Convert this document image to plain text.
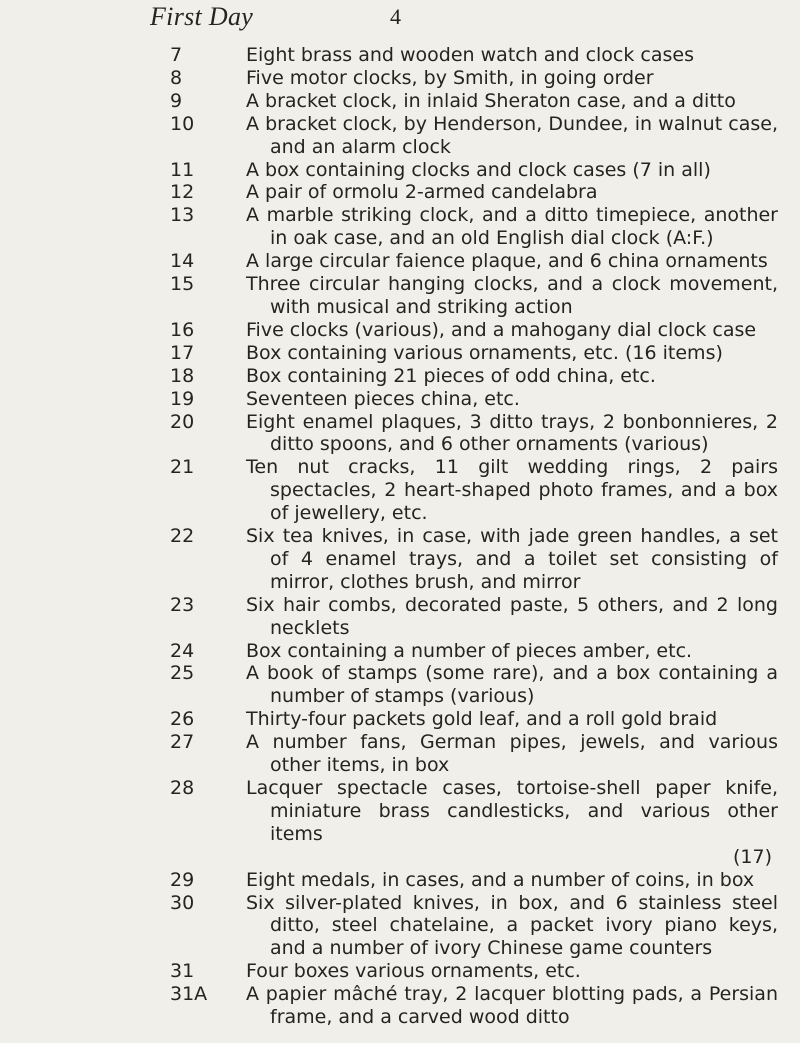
First Day	4
7	Eight brass and wooden watch and clock cases
8	Five motor clocks, by Smith, in going order
9	A bracket clock, in inlaid Sheraton case, and a ditto
10	A bracket clock, by Henderson, Dundee, in walnut case, and an alarm clock
11	A box containing clocks and clock cases (7 in all)
12	A pair of ormolu 2-armed candelabra
13	A marble striking clock, and a ditto timepiece, another in oak case, and an old English dial clock (A:F.)
14	A large circular faience plaque, and 6 china ornaments
15	Three circular hanging clocks, and a clock movement, with musical and striking action
16	Five clocks (various), and a mahogany dial clock case
17	Box containing various ornaments, etc. (16 items)
18	Box containing 21 pieces of odd china, etc.
19	Seventeen pieces china, etc.
20	Eight enamel plaques, 3 ditto trays, 2 bonbonnieres, 2 ditto spoons, and 6 other ornaments (various)
21	Ten nut cracks, 11 gilt wedding rings, 2 pairs spectacles, 2 heart-shaped photo frames, and a box of jewellery, etc.
22	Six tea knives, in case, with jade green handles, a set of 4 enamel trays, and a toilet set consisting of mirror, clothes brush, and mirror
23	Six hair combs, decorated paste, 5 others, and 2 long necklets
24	Box containing a number of pieces amber, etc.
25	A book of stamps (some rare), and a box containing a number of stamps (various)
26	Thirty-four packets gold leaf, and a roll gold braid
27	A number fans, German pipes, jewels, and various other items, in box
28	Lacquer spectacle cases, tortoise-shell paper knife, miniature brass candlesticks, and various other items
(17)
29	Eight medals, in cases, and a number of coins, in box
30	Six silver-plated knives, in box, and 6 stainless steel ditto, steel chatelaine, a packet ivory piano keys, and a number of ivory Chinese game counters
31	Four boxes various ornaments, etc.
31A	A papier mâché tray, 2 lacquer blotting pads, a Persian frame, and a carved wood ditto
